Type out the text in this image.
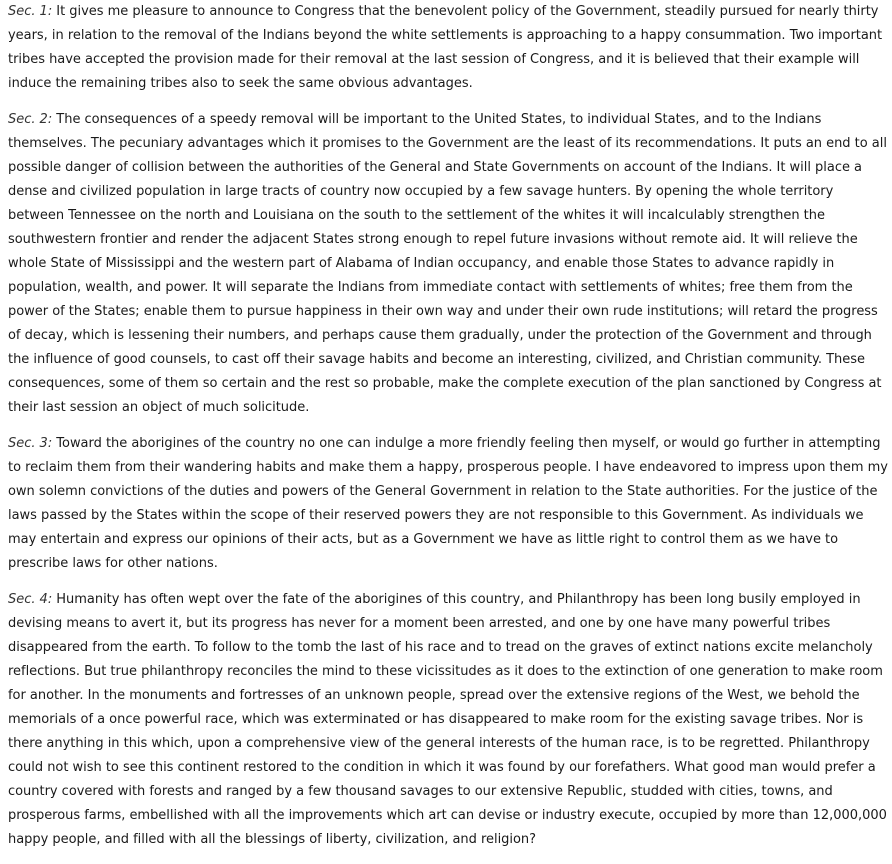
Sec. 1: It gives me pleasure to announce to Congress that the benevolent policy of the Government, steadily pursued for nearly thirty years, in relation to the removal of the Indians beyond the white settlements is approaching to a happy consummation. Two important tribes have accepted the provision made for their removal at the last session of Congress, and it is believed that their example will induce the remaining tribes also to seek the same obvious advantages.

Sec. 2: The consequences of a speedy removal will be important to the United States, to individual States, and to the Indians themselves. The pecuniary advantages which it promises to the Government are the least of its recommendations. It puts an end to all possible danger of collision between the authorities of the General and State Governments on account of the Indians. It will place a dense and civilized population in large tracts of country now occupied by a few savage hunters. By opening the whole territory between Tennessee on the north and Louisiana on the south to the settlement of the whites it will incalculably strengthen the southwestern frontier and render the adjacent States strong enough to repel future invasions without remote aid. It will relieve the whole State of Mississippi and the western part of Alabama of Indian occupancy, and enable those States to advance rapidly in population, wealth, and power. It will separate the Indians from immediate contact with settlements of whites; free them from the power of the States; enable them to pursue happiness in their own way and under their own rude institutions; will retard the progress of decay, which is lessening their numbers, and perhaps cause them gradually, under the protection of the Government and through the influence of good counsels, to cast off their savage habits and become an interesting, civilized, and Christian community. These consequences, some of them so certain and the rest so probable, make the complete execution of the plan sanctioned by Congress at their last session an object of much solicitude.

Sec. 3: Toward the aborigines of the country no one can indulge a more friendly feeling then myself, or would go further in attempting to reclaim them from their wandering habits and make them a happy, prosperous people. I have endeavored to impress upon them my own solemn convictions of the duties and powers of the General Government in relation to the State authorities. For the justice of the laws passed by the States within the scope of their reserved powers they are not responsible to this Government. As individuals we may entertain and express our opinions of their acts, but as a Government we have as little right to control them as we have to prescribe laws for other nations.

Sec. 4: Humanity has often wept over the fate of the aborigines of this country, and Philanthropy has been long busily employed in devising means to avert it, but its progress has never for a moment been arrested, and one by one have many powerful tribes disappeared from the earth. To follow to the tomb the last of his race and to tread on the graves of extinct nations excite melancholy reflections. But true philanthropy reconciles the mind to these vicissitudes as it does to the extinction of one generation to make room for another. In the monuments and fortresses of an unknown people, spread over the extensive regions of the West, we behold the memorials of a once powerful race, which was exterminated or has disappeared to make room for the existing savage tribes. Nor is there anything in this which, upon a comprehensive view of the general interests of the human race, is to be regretted. Philanthropy could not wish to see this continent restored to the condition in which it was found by our forefathers. What good man would prefer a country covered with forests and ranged by a few thousand savages to our extensive Republic, studded with cities, towns, and prosperous farms, embellished with all the improvements which art can devise or industry execute, occupied by more than 12,000,000 happy people, and filled with all the blessings of liberty, civilization, and religion?
